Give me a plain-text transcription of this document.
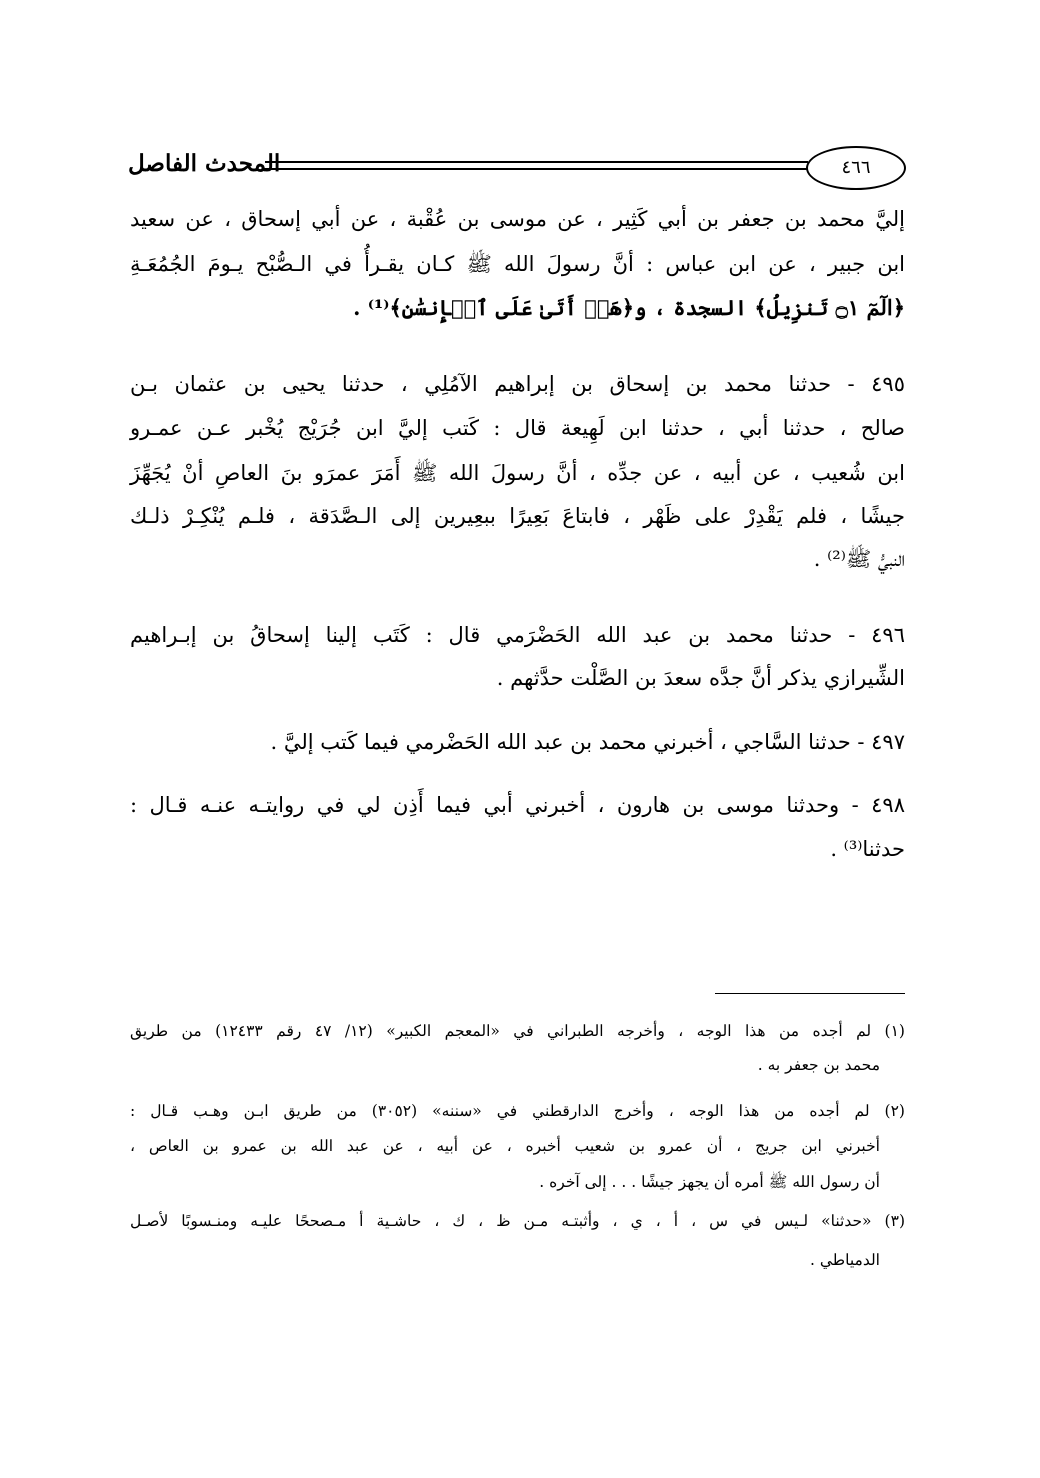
٤٦٦
المحدث الفاصل
إليَّ محمد بن جعفر بن أبي كَثِير ، عن موسى بن عُقْبة ، عن أبي إسحاق ، عن سعيد
ابن جبير ، عن ابن عباس : أنَّ رسولَ الله ﷺ كـان يقـرأُ في الـصُّبْح يـومَ الجُمُعَـةِ
﴿الٓمٓ ۝١ تَنزِيلُ﴾ السجدة ، و﴿هَلۡ أَتَىٰ عَلَى ٱلۡإِنسَٰنِ﴾⁽¹⁾ .
٤٩٥ - حدثنا محمد بن إسحاق بن إبراهيم الآمُلِي ، حدثنا يحيى بن عثمان بـن
صالح ، حدثنا أبي ، حدثنا ابن لَهِيعة قال : كَتب إليَّ ابن جُرَيْج يُخْبر عـن عمـرو
ابن شُعيب ، عن أبيه ، عن جدِّه ، أنَّ رسولَ الله ﷺ أَمَرَ عمرَو بنَ العاصِ أنْ يُجَهِّزَ
جيشًا ، فلم يَقْدِرْ على ظَهْر ، فابتاعَ بَعِيرًا ببعِيرين إلى الـصَّدَقة ، فلـم يُنْكِـرْ ذلـك
النبيُّ ﷺ⁽²⁾ .
٤٩٦ - حدثنا محمد بن عبد الله الحَضْرَمي قال : كَتَب إلينا إسحاقُ بن إبـراهيم
الشِّيرازي يذكر أنَّ جدَّه سعدَ بن الصَّلْت حدَّثهم .
٤٩٧ - حدثنا السَّاجي ، أخبرني محمد بن عبد الله الحَضْرمي فيما كَتب إليَّ .
٤٩٨ - وحدثنا موسى بن هارون ، أخبرني أبي فيما أَذِن لي في روايتـه عنـه قـال :
حدثنا⁽³⁾ .
(١) لم أجده من هذا الوجه ، وأخرجه الطبراني في «المعجم الكبير» (١٢/ ٤٧ رقم ١٢٤٣٣) من طريق
محمد بن جعفر به .
(٢) لم أجده من هذا الوجه ، وأخرج الدارقطني في «سننه» (٣٠٥٢) من طريق ابـن وهـب قـال :
أخبرني ابن جريج ، أن عمرو بن شعيب أخبره ، عن أبيه ، عن عبد الله بن عمرو بن العاص ،
أن رسول الله ﷺ أمره أن يجهز جيشًا . . . إلى آخره .
(٣) «حدثنا» لـيس في س ، أ ، ي ، وأثبتـه مـن ظ ، ك ، حاشـية أ مـصححًا عليـه ومنـسوبًا لأصـل
الدمياطي .
